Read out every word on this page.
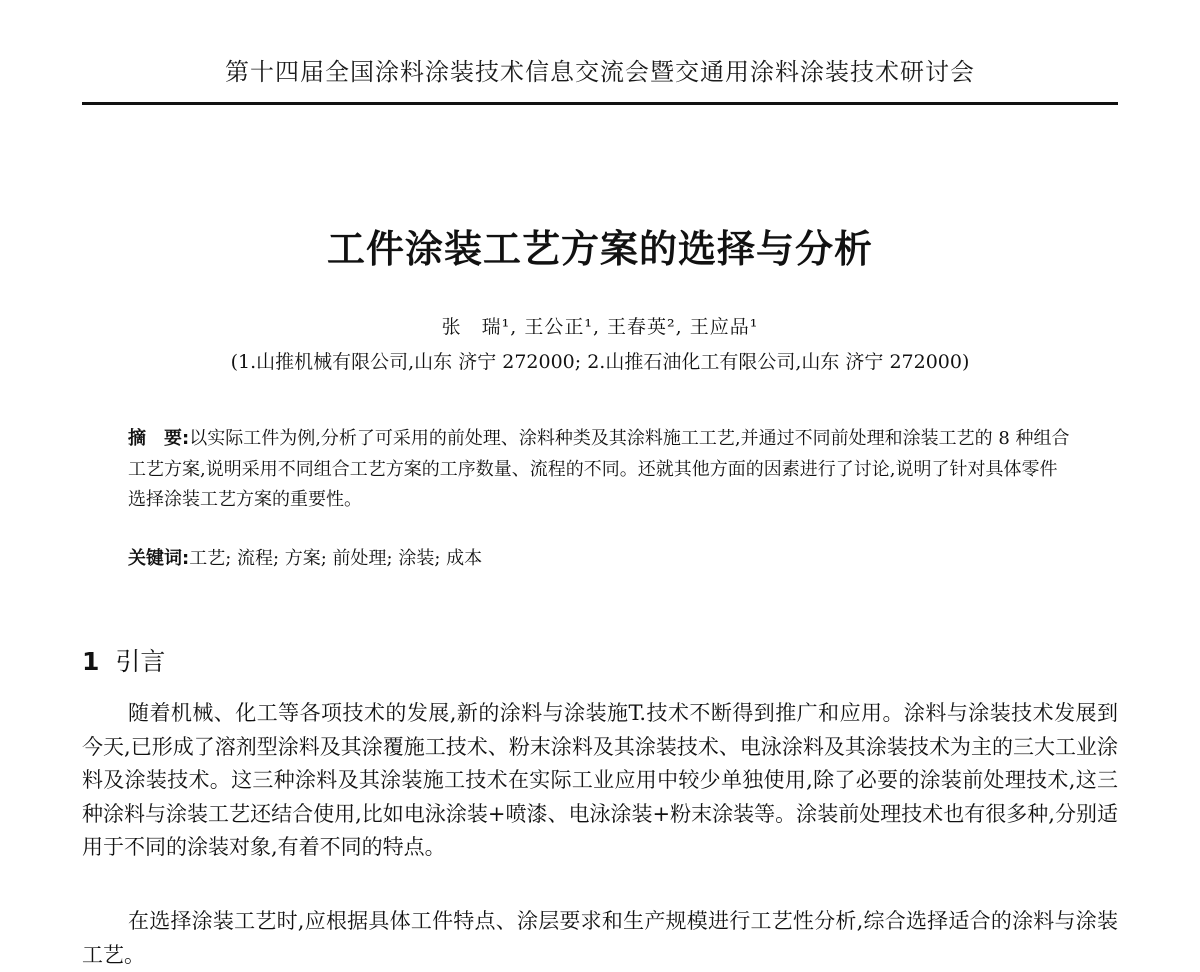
第十四届全国涂料涂装技术信息交流会暨交通用涂料涂装技术研讨会
工件涂装工艺方案的选择与分析
张　瑞¹, 王公正¹, 王春英², 王应品¹
(1.山推机械有限公司,山东 济宁 272000; 2.山推石油化工有限公司,山东 济宁 272000)
摘　要:以实际工件为例,分析了可采用的前处理、涂料种类及其涂料施工工艺,并通过不同前处理和涂装工艺的 8 种组合工艺方案,说明采用不同组合工艺方案的工序数量、流程的不同。还就其他方面的因素进行了讨论,说明了针对具体零件选择涂装工艺方案的重要性。
关键词:工艺; 流程; 方案; 前处理; 涂装; 成本
1 引言

随着机械、化工等各项技术的发展,新的涂料与涂装施T.技术不断得到推广和应用。涂料与涂装技术发展到今天,已形成了溶剂型涂料及其涂覆施工技术、粉末涂料及其涂装技术、电泳涂料及其涂装技术为主的三大工业涂料及涂装技术。这三种涂料及其涂装施工技术在实际工业应用中较少单独使用,除了必要的涂装前处理技术,这三种涂料与涂装工艺还结合使用,比如电泳涂装+喷漆、电泳涂装+粉末涂装等。涂装前处理技术也有很多种,分别适用于不同的涂装对象,有着不同的特点。

在选择涂装工艺时,应根据具体工件特点、涂层要求和生产规模进行工艺性分析,综合选择适合的涂料与涂装工艺。
